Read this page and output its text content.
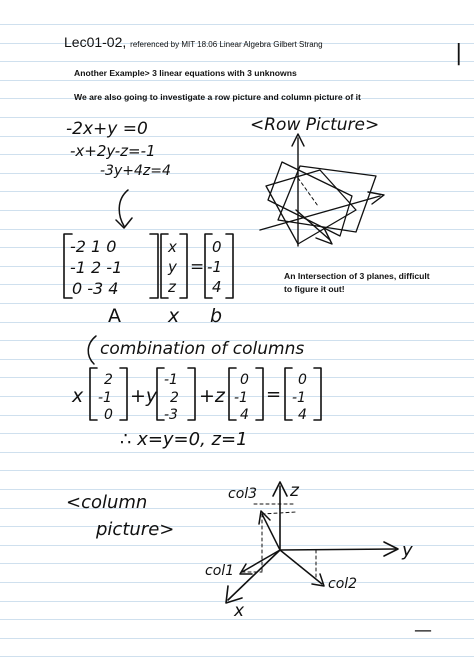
Lec01-02, referenced by MIT 18.06 Linear Algebra Gilbert Strang
Another Example> 3 linear equations with 3 unknowns
We are also going to investigate a row picture and column picture of it
An Intersection of 3 planes, difficult to figure it out!
|
-2x+y =0
-x+2y-z=-1
-3y+4z=4
<Row Picture>
-2 1 0
-1 2 -1
0 -3 4
x
y
z
=
0
-1
4
A x b
combination of columns
x
2
-1
0
+y
-1
2
-3
+z
0
-1
4
=
0
-1
4
∴ x=y=0, z=1
<column
picture>
z
y
x
col3
col1
col2
—
